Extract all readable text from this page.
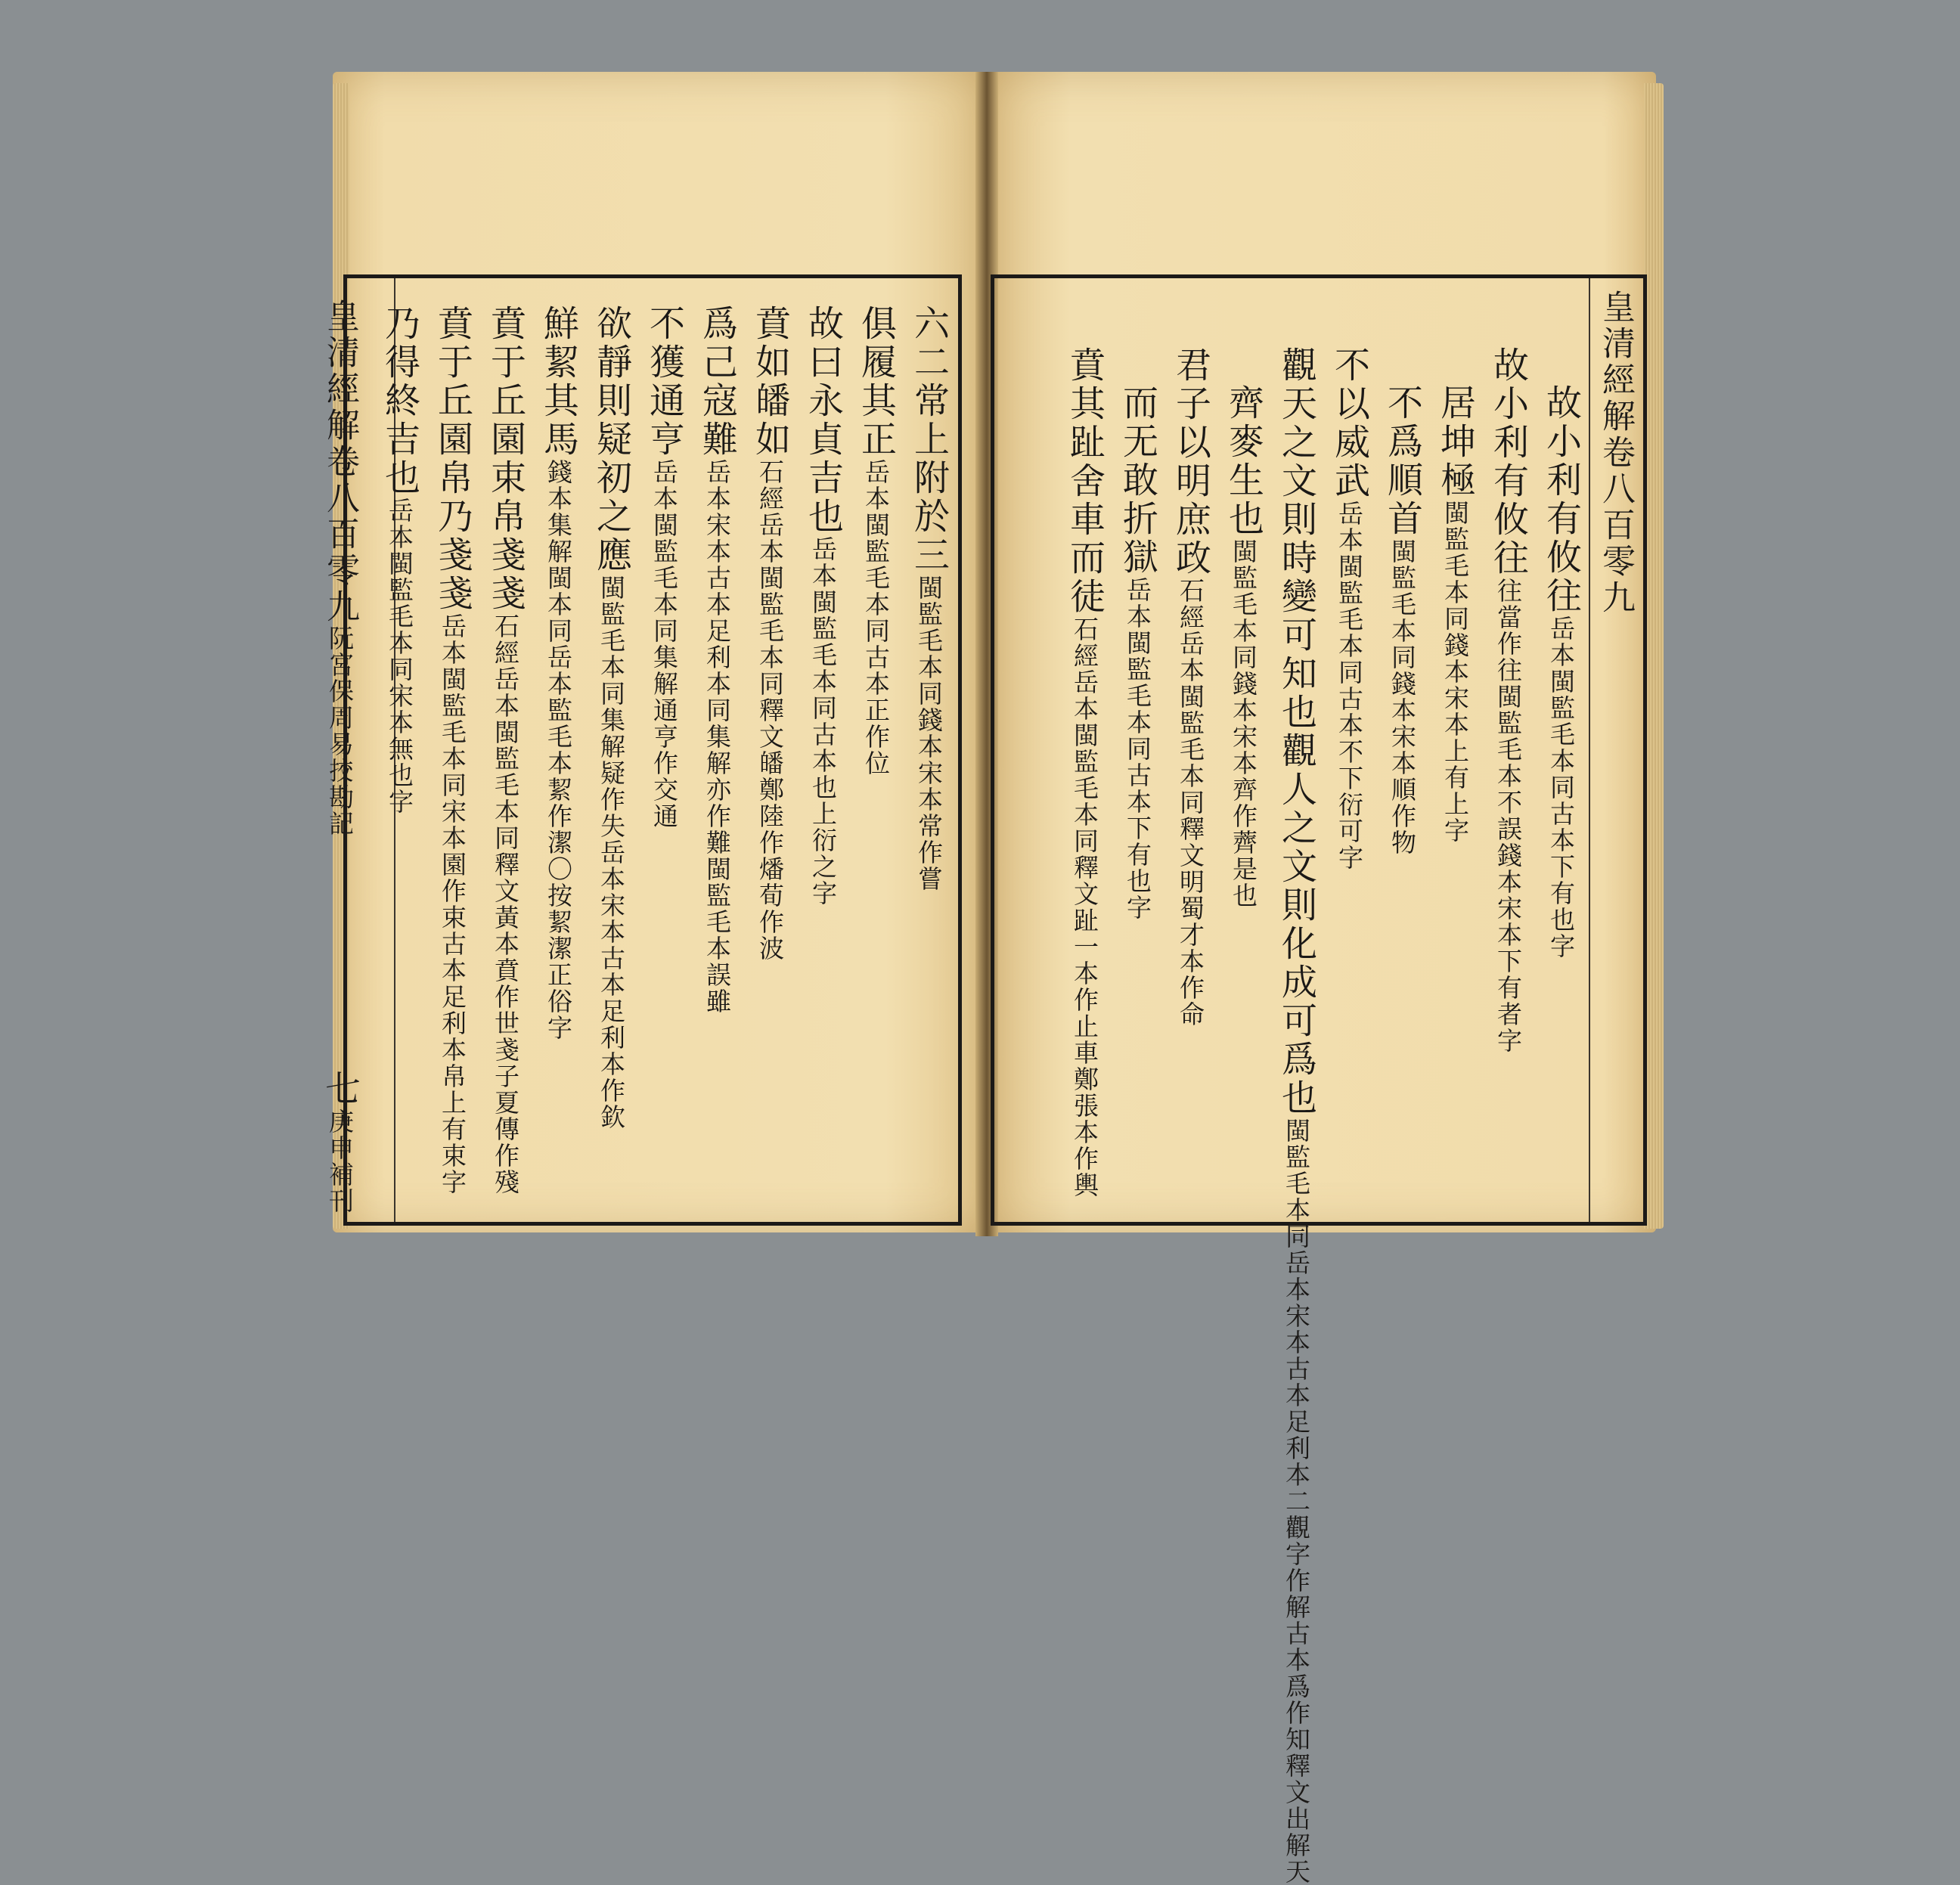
六二常上附於三閩監毛本同錢本宋本常作嘗
俱履其正岳本閩監毛本同古本正作位
故曰永貞吉也岳本閩監毛本同古本也上衍之字
賁如皤如石經岳本閩監毛本同釋文皤鄭陸作燔荀作波
爲己寇難岳本宋本古本足利本同集解亦作難閩監毛本誤雖
不獲通亨岳本閩監毛本同集解通亨作交通
欲靜則疑初之應閩監毛本同集解疑作失岳本宋本古本足利本作欽
鮮絜其馬錢本集解閩本同岳本監毛本絜作潔〇按絜潔正俗字
賁于丘園束帛戔戔石經岳本閩監毛本同釋文黃本賁作世戔子夏傳作殘
賁于丘園帛乃戔戔岳本閩監毛本同宋本園作束古本足利本帛上有束字
乃得終吉也岳本閩監毛本同宋本無也字
皇清經解卷八百零九阮宮保周易挍勘記
七庚申補刊
皇清經解卷八百零九
故小利有攸往岳本閩監毛本同古本下有也字
故小利有攸往往當作往閩監毛本不誤錢本宋本下有者字
居坤極閩監毛本同錢本宋本上有上字
不爲順首閩監毛本同錢本宋本順作物
不以威武岳本閩監毛本同古本不下衍可字
觀天之文則時變可知也觀人之文則化成可爲也閩監毛本同岳本宋本古本足利本二觀字作解古本爲作知釋文出解天
齊麥生也閩監毛本同錢本宋本齊作薺是也
君子以明庶政石經岳本閩監毛本同釋文明蜀才本作命
而无敢折獄岳本閩監毛本同古本下有也字
賁其趾舍車而徒石經岳本閩監毛本同釋文趾一本作止車鄭張本作輿
